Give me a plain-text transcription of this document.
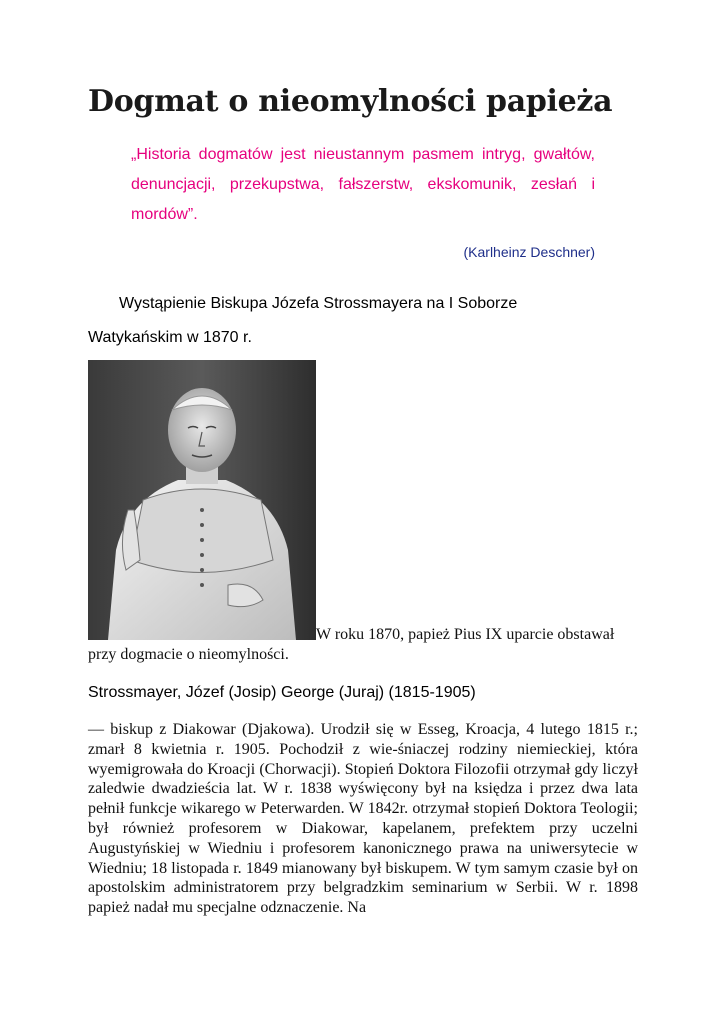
Dogmat o nieomylności papieża

„Historia dogmatów jest nieustannym pasmem intryg, gwałtów, denuncjacji, przekupstwa, fałszerstw, ekskomunik, zesłań i mordów”.

(Karlheinz Deschner)

Wystąpienie Biskupa Józefa Strossmayera na I Soborze
Watykańskim w 1870 r.

W roku 1870, papież Pius IX uparcie obstawał

przy dogmacie o nieomylności.

Strossmayer, Józef (Josip) George (Juraj) (1815-1905)

— biskup z Diakowar (Djakowa). Urodził się w Esseg, Kroacja, 4 lutego 1815 r.; zmarł 8 kwietnia r. 1905. Pochodził z wie-śniaczej rodziny niemieckiej, która wyemigrowała do Kroacji (Chorwacji). Stopień Doktora Filozofii otrzymał gdy liczył zaledwie dwadzieścia lat. W r. 1838 wyświęcony był na księdza i przez dwa lata pełnił funkcje wikarego w Peterwarden. W 1842r. otrzymał stopień Doktora Teologii; był również profesorem w Diakowar, kapelanem, prefektem przy uczelni Augustyńskiej w Wiedniu i profesorem kanonicznego prawa na uniwersytecie w Wiedniu; 18 listopada r. 1849 mianowany był biskupem. W tym samym czasie był on apostolskim administratorem przy belgradzkim seminarium w Serbii. W r. 1898 papież nadał mu specjalne odznaczenie. Na
